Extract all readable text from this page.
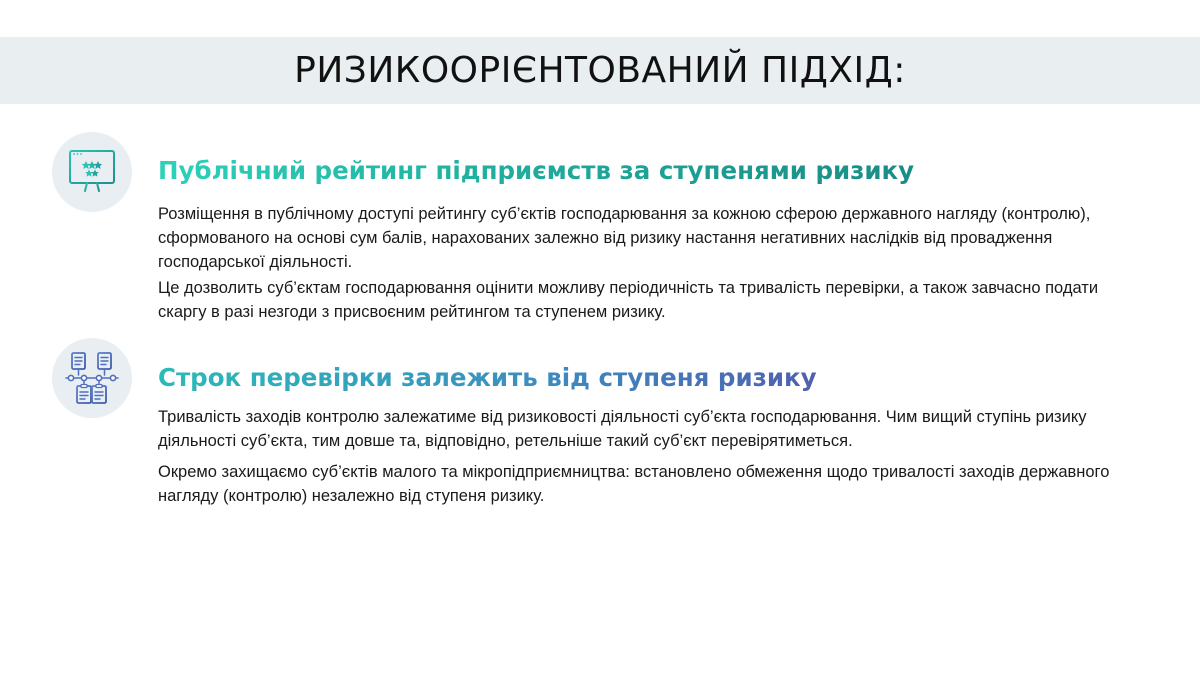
РИЗИКООРІЄНТОВАНИЙ ПІДХІД:
Публічний рейтинг підприємств за ступенями ризику

Розміщення в публічному доступі рейтингу суб’єктів господарювання за кожною сферою державного нагляду (контролю), сформованого на основі сум балів, нарахованих залежно від ризику настання негативних наслідків від провадження господарської діяльності.

Це дозволить суб’єктам господарювання оцінити можливу періодичність та тривалість перевірки, а також завчасно подати скаргу в разі незгоди з присвоєним рейтингом та ступенем ризику.

Строк перевірки залежить від ступеня ризику

Тривалість заходів контролю залежатиме від ризиковості діяльності суб’єкта господарювання. Чим вищий ступінь ризику діяльності суб’єкта, тим довше та, відповідно, ретельніше такий суб’єкт перевірятиметься.

Окремо захищаємо суб’єктів малого та мікропідприємництва: встановлено обмеження щодо тривалості заходів державного нагляду (контролю) незалежно від ступеня ризику.
